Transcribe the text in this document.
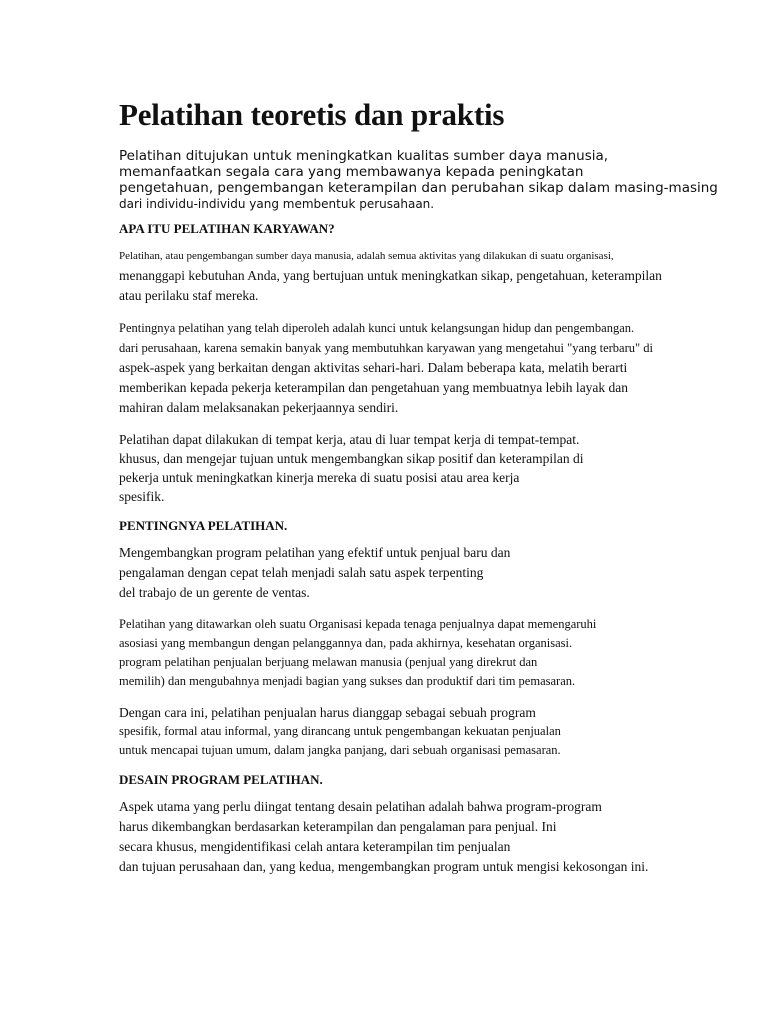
Pelatihan teoretis dan praktis

Pelatihan ditujukan untuk meningkatkan kualitas sumber daya manusia,
memanfaatkan segala cara yang membawanya kepada peningkatan
pengetahuan, pengembangan keterampilan dan perubahan sikap dalam masing-masing
dari individu-individu yang membentuk perusahaan.

APA ITU PELATIHAN KARYAWAN?

Pelatihan, atau pengembangan sumber daya manusia, adalah semua aktivitas yang dilakukan di suatu organisasi,
menanggapi kebutuhan Anda, yang bertujuan untuk meningkatkan sikap, pengetahuan, keterampilan
atau perilaku staf mereka.

Pentingnya pelatihan yang telah diperoleh adalah kunci untuk kelangsungan hidup dan pengembangan.
dari perusahaan, karena semakin banyak yang membutuhkan karyawan yang mengetahui "yang terbaru" di
aspek-aspek yang berkaitan dengan aktivitas sehari-hari. Dalam beberapa kata, melatih berarti
memberikan kepada pekerja keterampilan dan pengetahuan yang membuatnya lebih layak dan
mahiran dalam melaksanakan pekerjaannya sendiri.

Pelatihan dapat dilakukan di tempat kerja, atau di luar tempat kerja di tempat-tempat.
khusus, dan mengejar tujuan untuk mengembangkan sikap positif dan keterampilan di
pekerja untuk meningkatkan kinerja mereka di suatu posisi atau area kerja
spesifik.

PENTINGNYA PELATIHAN.

Mengembangkan program pelatihan yang efektif untuk penjual baru dan
pengalaman dengan cepat telah menjadi salah satu aspek terpenting
del trabajo de un gerente de ventas.

Pelatihan yang ditawarkan oleh suatu Organisasi kepada tenaga penjualnya dapat memengaruhi
asosiasi yang membangun dengan pelanggannya dan, pada akhirnya, kesehatan organisasi.
program pelatihan penjualan berjuang melawan manusia (penjual yang direkrut dan
memilih) dan mengubahnya menjadi bagian yang sukses dan produktif dari tim pemasaran.

Dengan cara ini, pelatihan penjualan harus dianggap sebagai sebuah program
spesifik, formal atau informal, yang dirancang untuk pengembangan kekuatan penjualan
untuk mencapai tujuan umum, dalam jangka panjang, dari sebuah organisasi pemasaran.

DESAIN PROGRAM PELATIHAN.

Aspek utama yang perlu diingat tentang desain pelatihan adalah bahwa program-program
harus dikembangkan berdasarkan keterampilan dan pengalaman para penjual. Ini
secara khusus, mengidentifikasi celah antara keterampilan tim penjualan
dan tujuan perusahaan dan, yang kedua, mengembangkan program untuk mengisi kekosongan ini.
